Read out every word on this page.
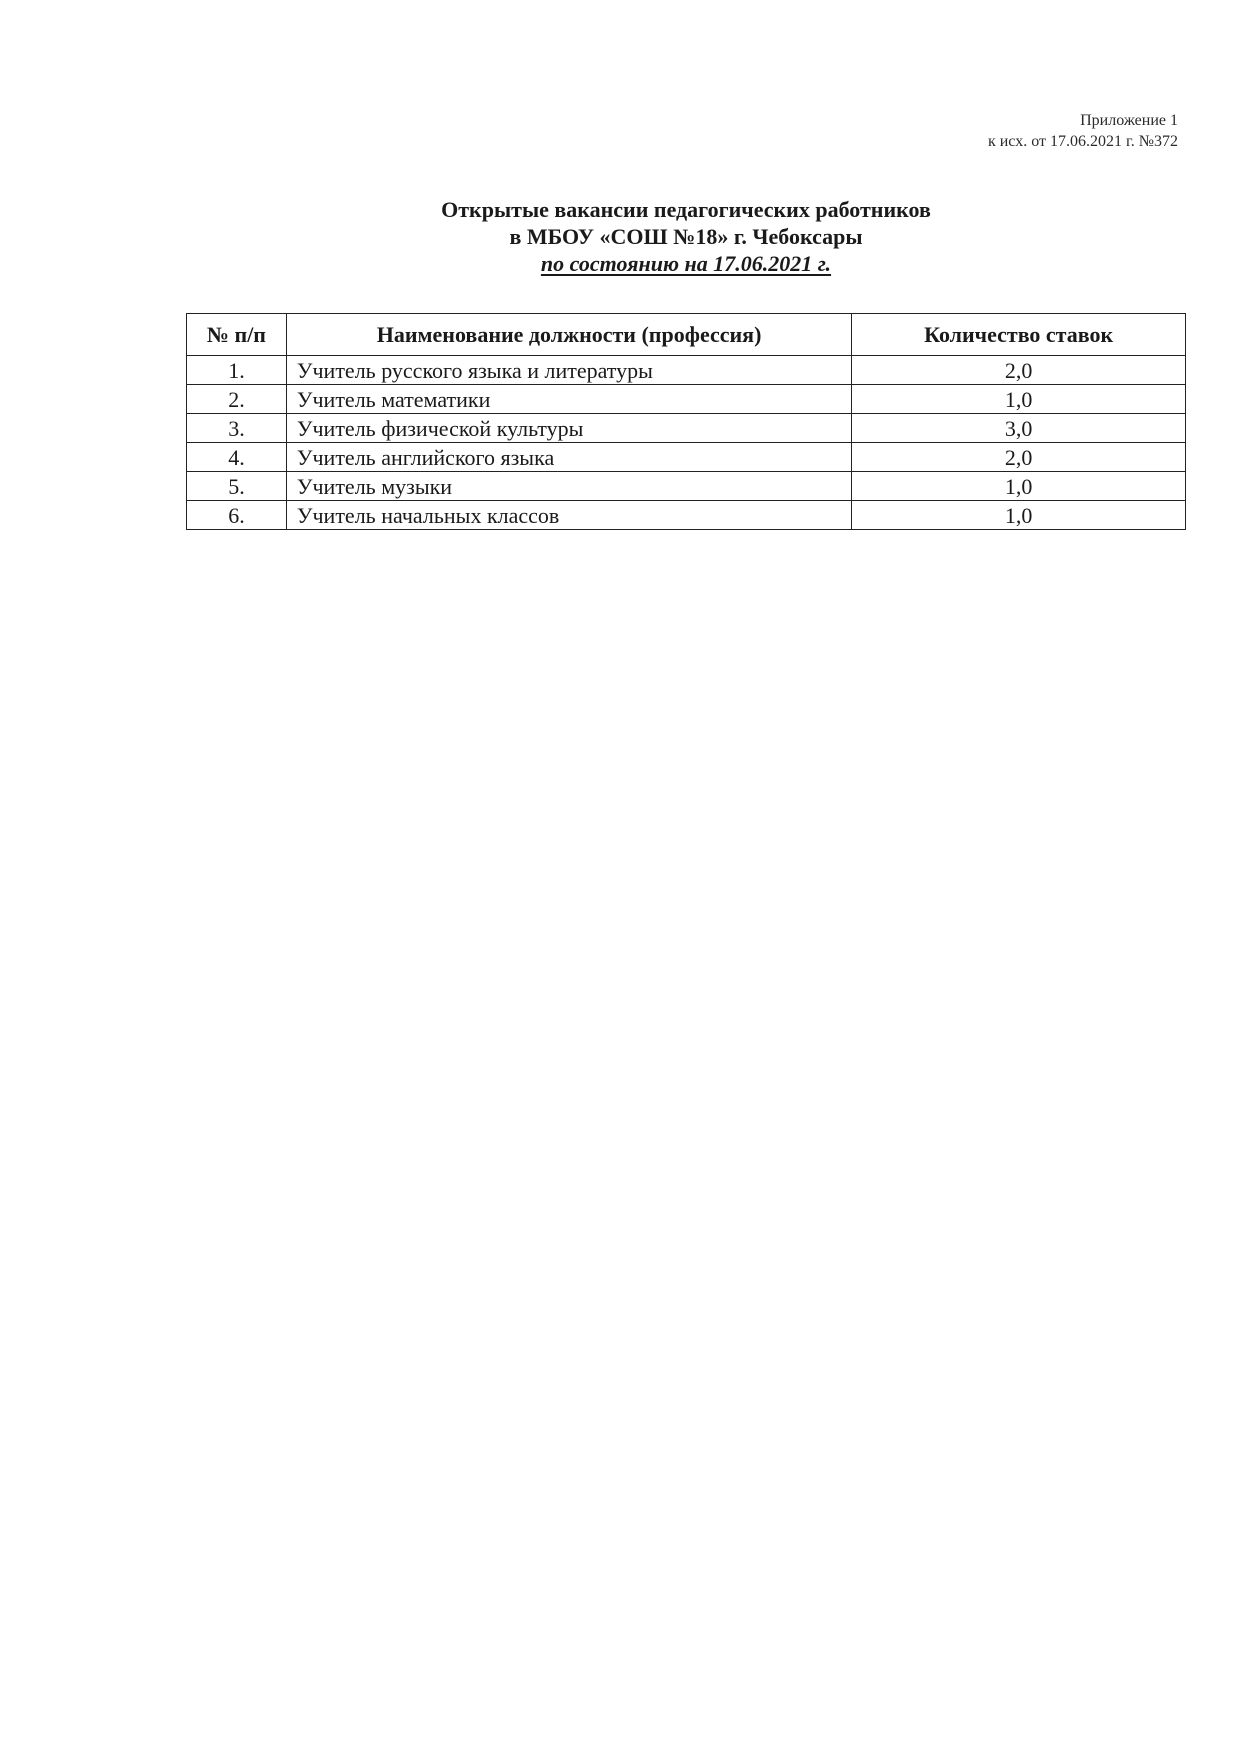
Приложение 1
к исх. от 17.06.2021 г. №372
Открытые вакансии педагогических работников
в МБОУ «СОШ №18» г. Чебоксары
по состоянию на 17.06.2021 г.
№ п/п	Наименование должности (профессия)	Количество ставок
1.	Учитель русского языка и литературы	2,0
2.	Учитель математики	1,0
3.	Учитель физической культуры	3,0
4.	Учитель английского языка	2,0
5.	Учитель музыки	1,0
6.	Учитель начальных классов	1,0
